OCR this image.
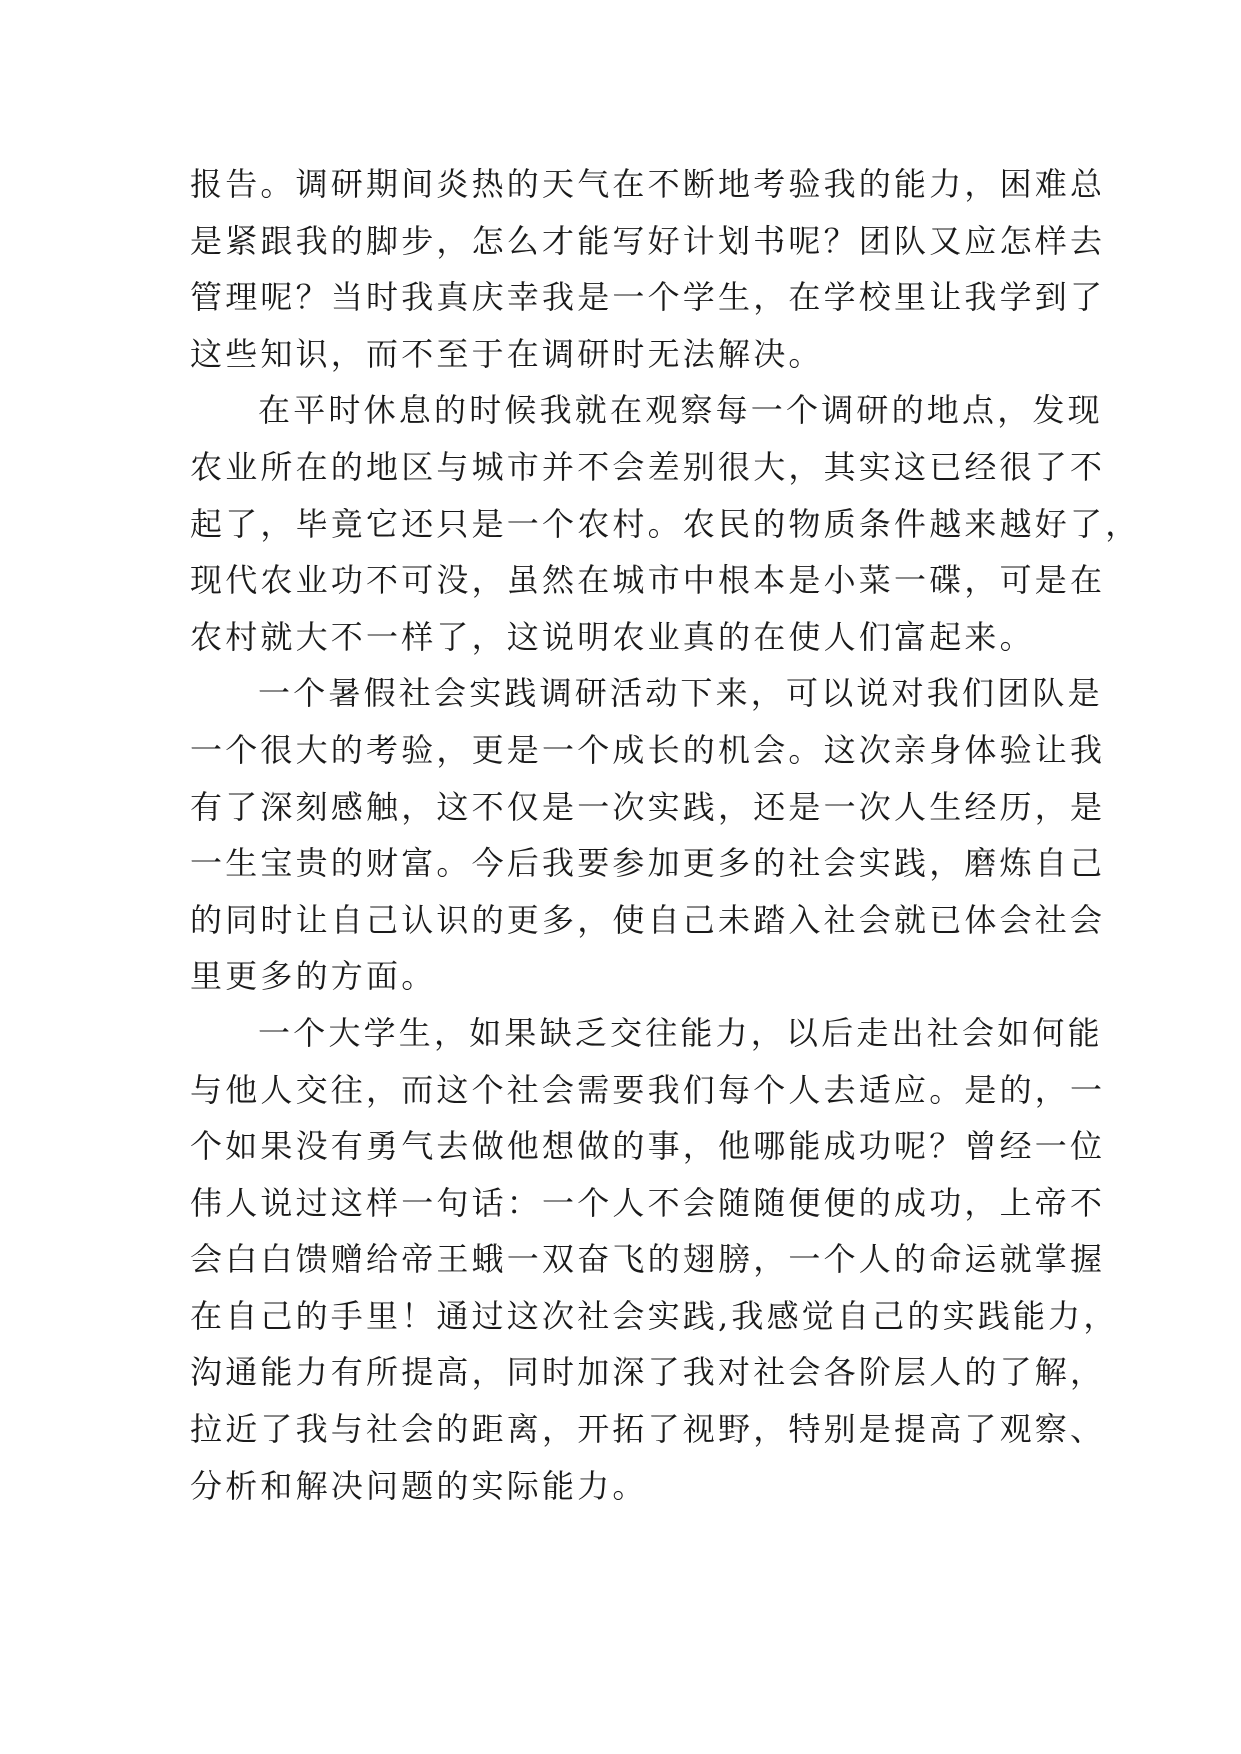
报告。调研期间炎热的天气在不断地考验我的能力，困难总
是紧跟我的脚步，怎么才能写好计划书呢？团队又应怎样去
管理呢？当时我真庆幸我是一个学生，在学校里让我学到了
这些知识，而不至于在调研时无法解决。
在平时休息的时候我就在观察每一个调研的地点，发现
农业所在的地区与城市并不会差别很大，其实这已经很了不
起了，毕竟它还只是一个农村。农民的物质条件越来越好了，
现代农业功不可没，虽然在城市中根本是小菜一碟，可是在
农村就大不一样了，这说明农业真的在使人们富起来。
一个暑假社会实践调研活动下来，可以说对我们团队是
一个很大的考验，更是一个成长的机会。这次亲身体验让我
有了深刻感触，这不仅是一次实践，还是一次人生经历，是
一生宝贵的财富。今后我要参加更多的社会实践，磨炼自己
的同时让自己认识的更多，使自己未踏入社会就已体会社会
里更多的方面。
一个大学生，如果缺乏交往能力，以后走出社会如何能
与他人交往，而这个社会需要我们每个人去适应。是的，一
个如果没有勇气去做他想做的事，他哪能成功呢？曾经一位
伟人说过这样一句话：一个人不会随随便便的成功，上帝不
会白白馈赠给帝王蛾一双奋飞的翅膀，一个人的命运就掌握
在自己的手里！通过这次社会实践,我感觉自己的实践能力，
沟通能力有所提高，同时加深了我对社会各阶层人的了解，
拉近了我与社会的距离，开拓了视野，特别是提高了观察、
分析和解决问题的实际能力。
